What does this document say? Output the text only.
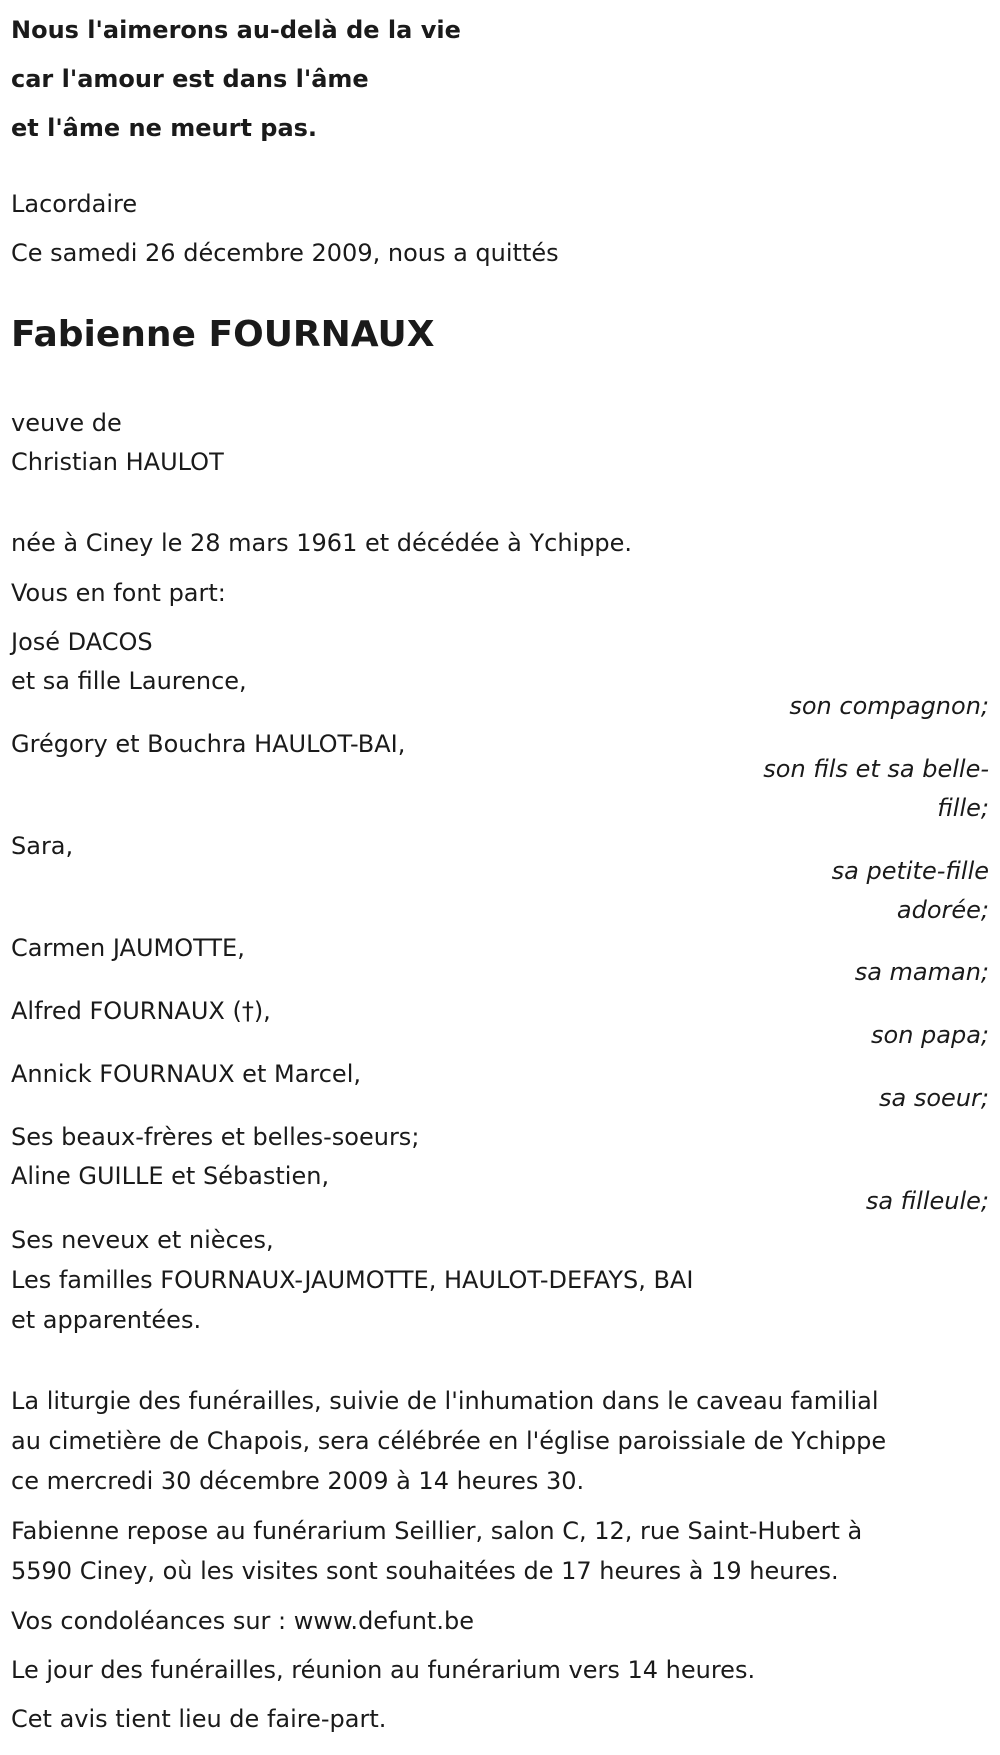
Nous l'aimerons au-delà de la vie
car l'amour est dans l'âme
et l'âme ne meurt pas.
Lacordaire
Ce samedi 26 décembre 2009, nous a quittés
Fabienne FOURNAUX
veuve de
Christian HAULOT
née à Ciney le 28 mars 1961 et décédée à Ychippe.
Vous en font part:
José DACOS
et sa fille Laurence,
son compagnon;
Grégory et Bouchra HAULOT-BAI,
son fils et sa belle-
fille;
Sara,
sa petite-fille
adorée;
Carmen JAUMOTTE,
sa maman;
Alfred FOURNAUX (†),
son papa;
Annick FOURNAUX et Marcel,
sa soeur;
Ses beaux-frères et belles-soeurs;
Aline GUILLE et Sébastien,
sa filleule;
Ses neveux et nièces,
Les familles FOURNAUX-JAUMOTTE, HAULOT-DEFAYS, BAI
et apparentées.
La liturgie des funérailles, suivie de l'inhumation dans le caveau familial
au cimetière de Chapois, sera célébrée en l'église paroissiale de Ychippe
ce mercredi 30 décembre 2009 à 14 heures 30.
Fabienne repose au funérarium Seillier, salon C, 12, rue Saint-Hubert à
5590 Ciney, où les visites sont souhaitées de 17 heures à 19 heures.
Vos condoléances sur : www.defunt.be
Le jour des funérailles, réunion au funérarium vers 14 heures.
Cet avis tient lieu de faire-part.
